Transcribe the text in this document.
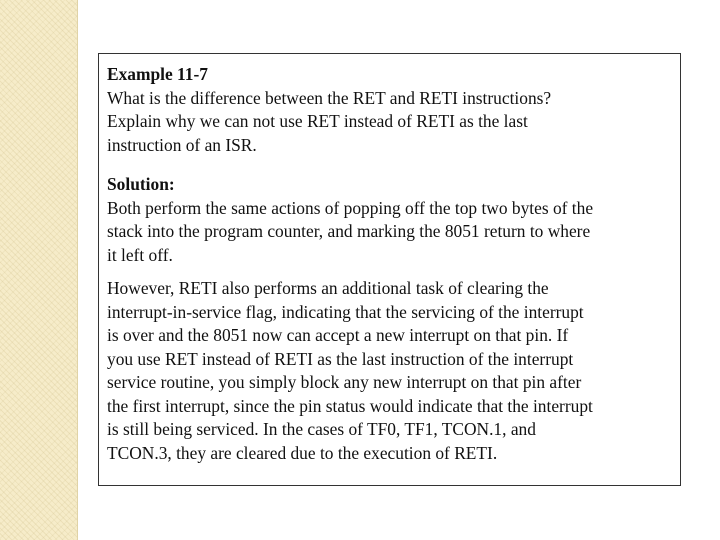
Example 11-7
What is the difference between the RET and RETI instructions?
Explain why we can not use RET instead of RETI as the last
instruction of an ISR.
Solution:
Both perform the same actions of popping off the top two bytes of the
stack into the program counter, and marking the 8051 return to where
it left off.
However, RETI also performs an additional task of clearing the
interrupt-in-service flag, indicating that the servicing of the interrupt
is over and the 8051 now can accept a new interrupt on that pin. If
you use RET instead of RETI as the last instruction of the interrupt
service routine, you simply block any new interrupt on that pin after
the first interrupt, since the pin status would indicate that the interrupt
is still being serviced. In the cases of TF0, TF1, TCON.1, and
TCON.3, they are cleared due to the execution of RETI.
